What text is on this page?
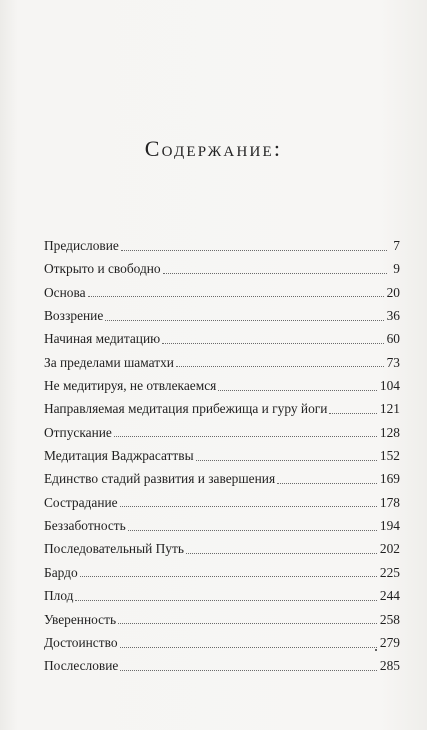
Содержание:
Предисловие	7
Открыто и свободно	9
Основа	20
Воззрение	36
Начиная медитацию	60
За пределами шаматхи	73
Не медитируя, не отвлекаемся	104
Направляемая медитация прибежища и гуру йоги	121
Отпускание	128
Медитация Ваджрасаттвы	152
Единство стадий развития и завершения	169
Сострадание	178
Беззаботность	194
Последовательный Путь	202
Бардо	225
Плод	244
Уверенность	258
Достоинство	279
Послесловие	285
